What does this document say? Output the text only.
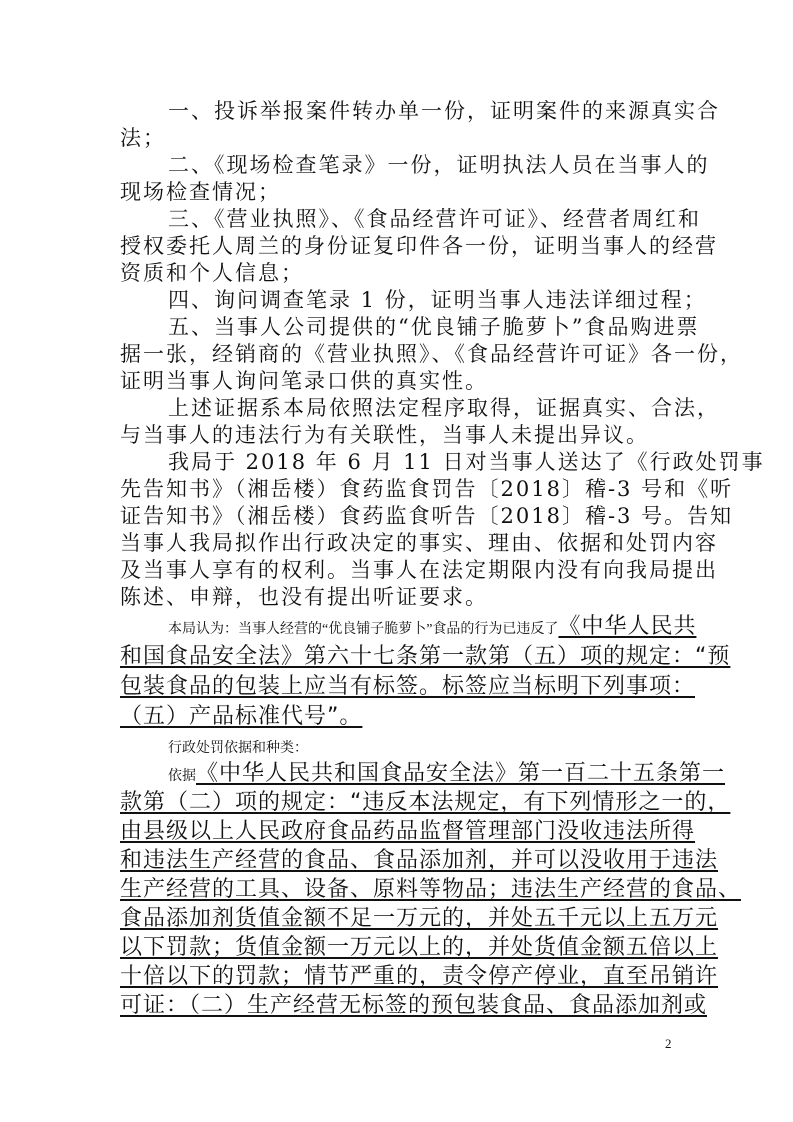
一、投诉举报案件转办单一份，证明案件的来源真实合
法；
二、《现场检查笔录》一份，证明执法人员在当事人的
现场检查情况；
三、《营业执照》、《食品经营许可证》、经营者周红和
授权委托人周兰的身份证复印件各一份，证明当事人的经营
资质和个人信息；
四、询问调查笔录 1 份，证明当事人违法详细过程；
五、当事人公司提供的“优良铺子脆萝卜”食品购进票
据一张，经销商的《营业执照》、《食品经营许可证》各一份，
证明当事人询问笔录口供的真实性。
上述证据系本局依照法定程序取得，证据真实、合法，
与当事人的违法行为有关联性，当事人未提出异议。
我局于 2018 年 6 月 11 日对当事人送达了《行政处罚事
先告知书》（湘岳楼）食药监食罚告〔2018〕稽-3 号和《听
证告知书》（湘岳楼）食药监食听告〔2018〕稽-3 号。告知
当事人我局拟作出行政决定的事实、理由、依据和处罚内容
及当事人享有的权利。当事人在法定期限内没有向我局提出
陈述、申辩，也没有提出听证要求。
本局认为：当事人经营的“优良铺子脆萝卜”食品的行为已违反了《中华人民共
和国食品安全法》第六十七条第一款第（五）项的规定：“预
包装食品的包装上应当有标签。标签应当标明下列事项：
（五）产品标准代号”。
行政处罚依据和种类：
依据《中华人民共和国食品安全法》第一百二十五条第一
款第（二）项的规定：“违反本法规定，有下列情形之一的，
由县级以上人民政府食品药品监督管理部门没收违法所得
和违法生产经营的食品、食品添加剂，并可以没收用于违法
生产经营的工具、设备、原料等物品；违法生产经营的食品、
食品添加剂货值金额不足一万元的，并处五千元以上五万元
以下罚款；货值金额一万元以上的，并处货值金额五倍以上
十倍以下的罚款；情节严重的，责令停产停业，直至吊销许
可证：（二）生产经营无标签的预包装食品、食品添加剂或
2
